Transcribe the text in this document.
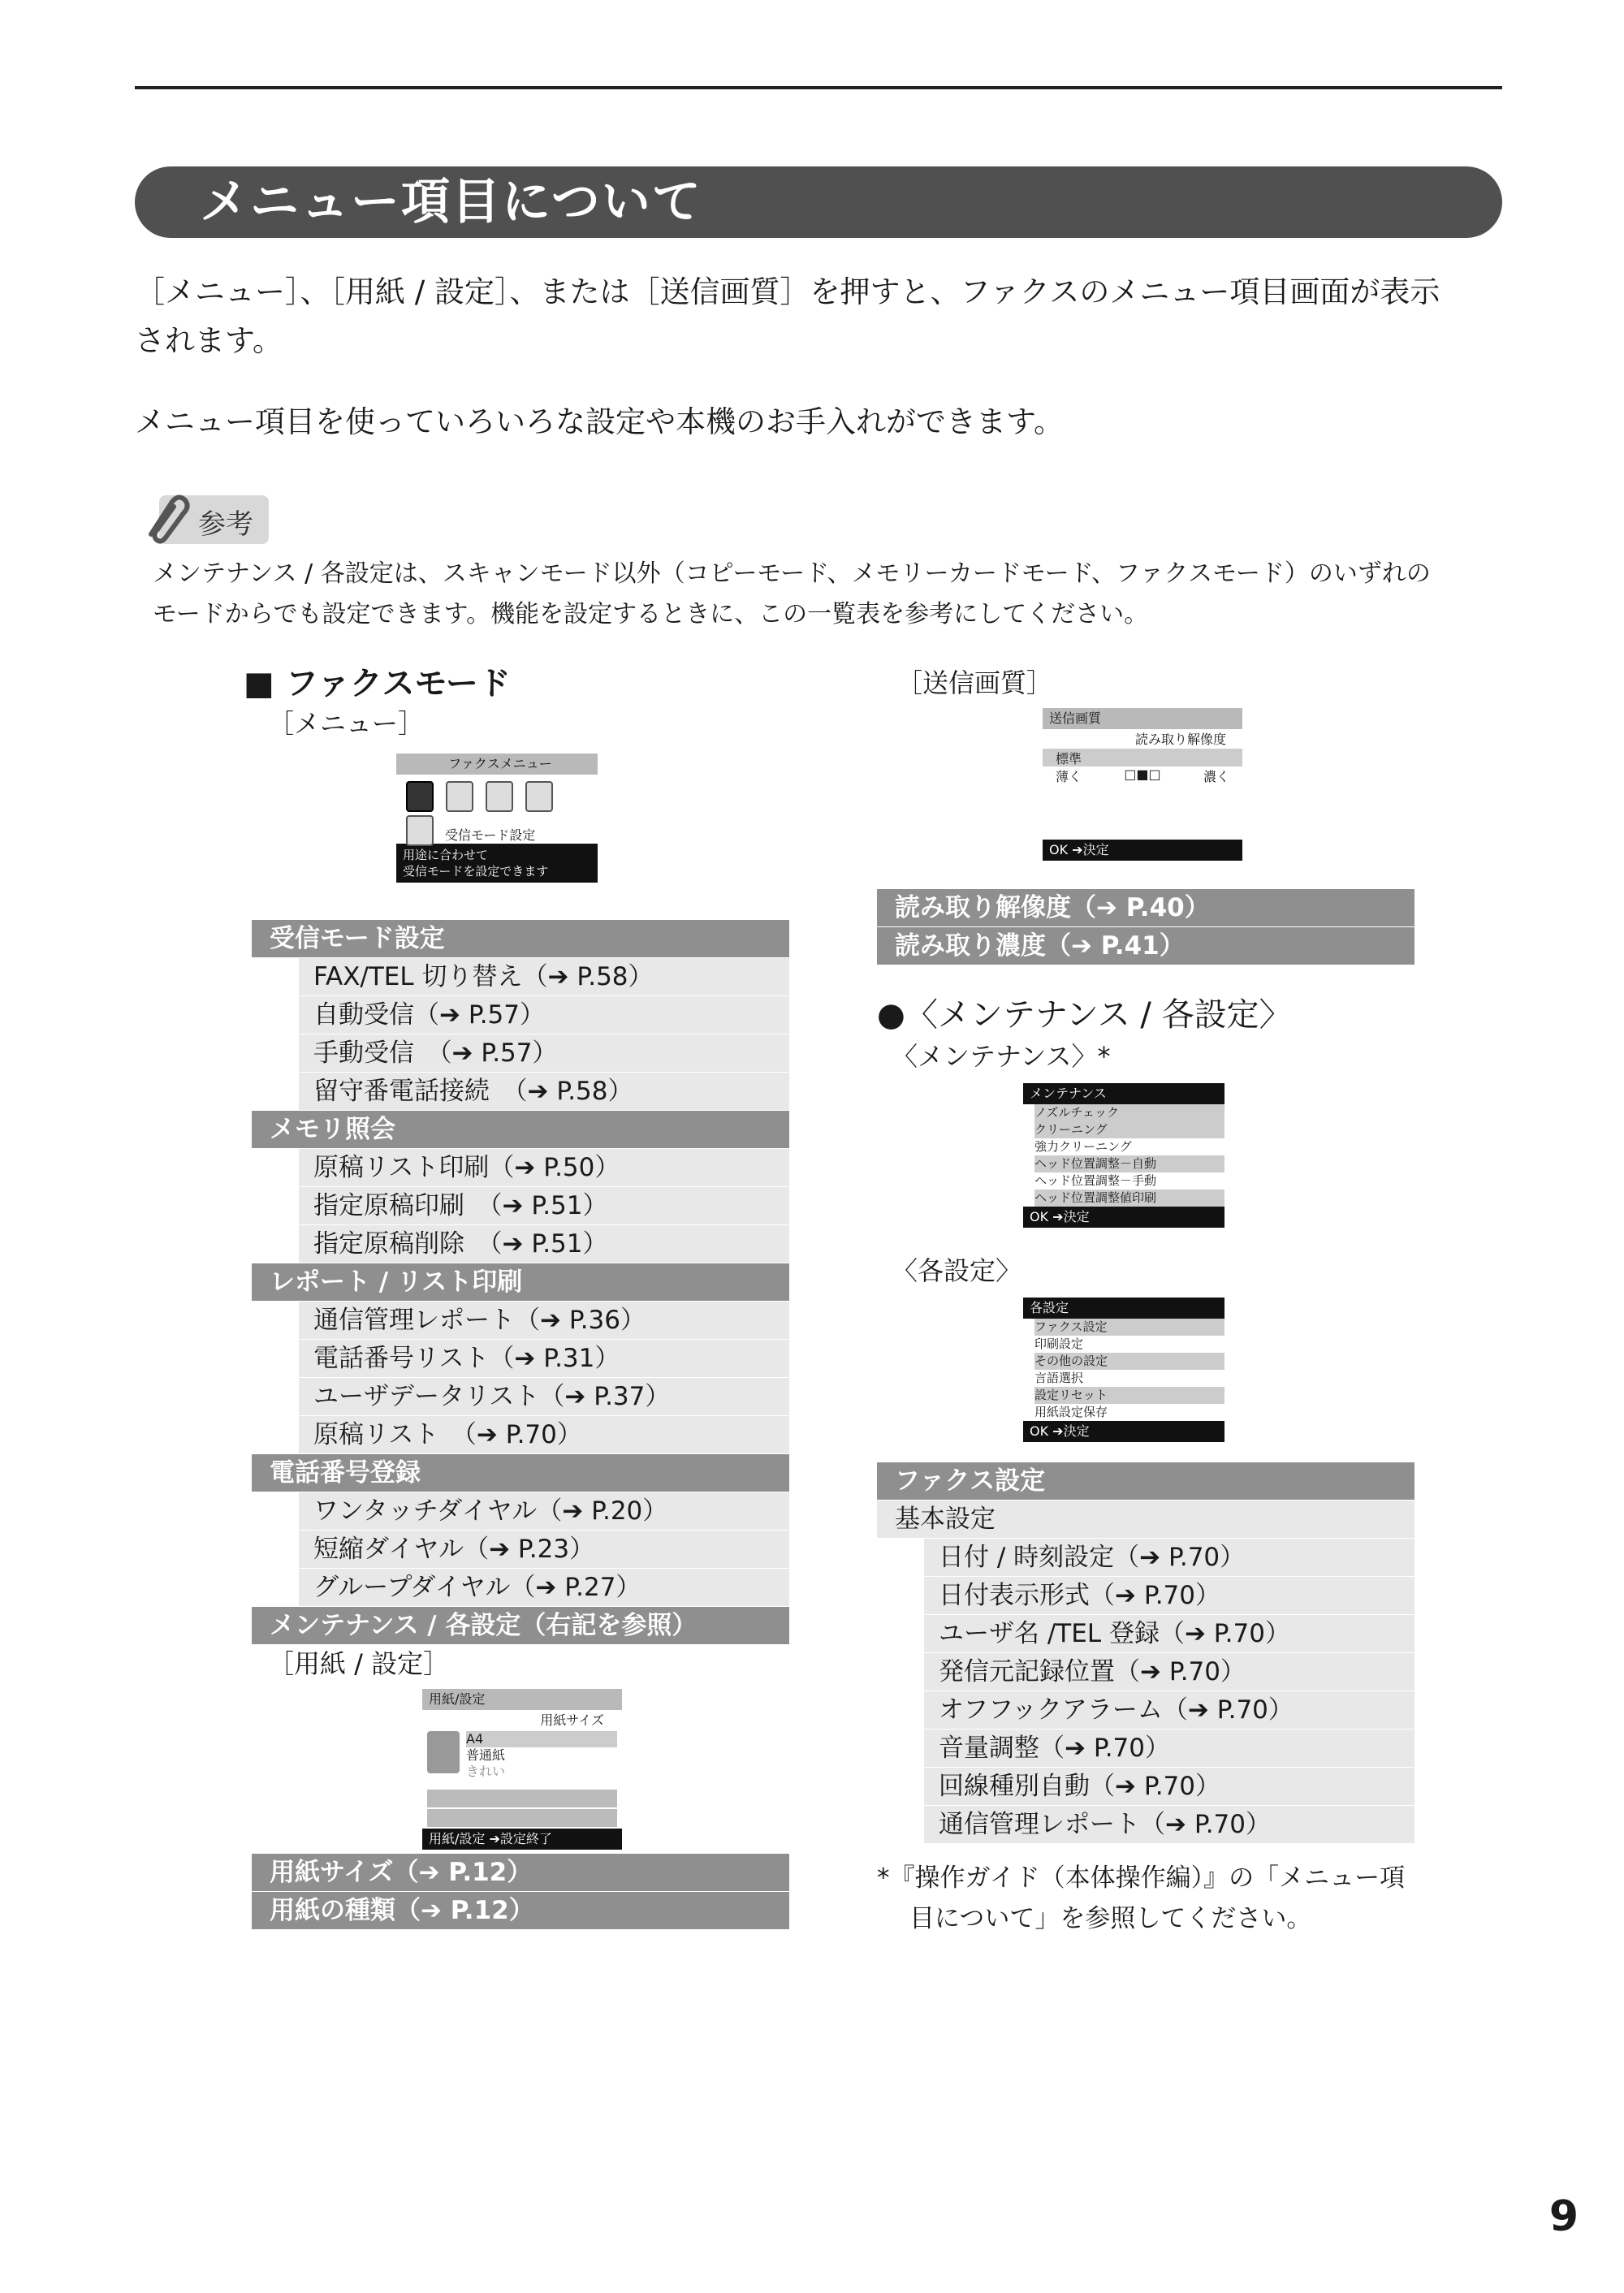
メニュー項目について
［メニュー］、［用紙 / 設定］、または［送信画質］を押すと、ファクスのメニュー項目画面が表示
されます。
メニュー項目を使っていろいろな設定や本機のお手入れができます。
参考
メンテナンス / 各設定は、スキャンモード以外（コピーモード、メモリーカードモード、ファクスモード）のいずれの
モードからでも設定できます。機能を設定するときに、この一覧表を参考にしてください。
■ ファクスモード
［メニュー］
ファクスメニュー

受信モード設定
用途に合わせて
受信モードを設定できます
受信モード設定
FAX/TEL 切り替え（➔ P.58）
自動受信（➔ P.57）
手動受信　（➔ P.57）
留守番電話接続　（➔ P.58）
メモリ照会
原稿リスト印刷（➔ P.50）
指定原稿印刷　（➔ P.51）
指定原稿削除　（➔ P.51）
レポート / リスト印刷
通信管理レポート（➔ P.36）
電話番号リスト（➔ P.31）
ユーザデータリスト（➔ P.37）
原稿リスト　（➔ P.70）
電話番号登録
ワンタッチダイヤル（➔ P.20）
短縮ダイヤル（➔ P.23）
グループダイヤル（➔ P.27）
メンテナンス / 各設定（右記を参照）
［用紙 / 設定］
用紙/設定
用紙サイズ
A4
普通紙
きれい
用紙/設定 ➔設定終了
用紙サイズ（➔ P.12）
用紙の種類（➔ P.12）
［送信画質］
送信画質
読み取り解像度
標準
薄く	□■□	濃く
OK ➔決定
読み取り解像度（➔ P.40）
読み取り濃度（➔ P.41）
●〈メンテナンス / 各設定〉
〈メンテナンス〉*
メンテナンス
ノズルチェック
クリーニング
強力クリーニング
ヘッド位置調整－自動
ヘッド位置調整－手動
ヘッド位置調整値印刷
OK ➔決定
〈各設定〉
各設定
ファクス設定
印刷設定
その他の設定
言語選択
設定リセット
用紙設定保存
OK ➔決定
ファクス設定
基本設定
日付 / 時刻設定（➔ P.70）
日付表示形式（➔ P.70）
ユーザ名 /TEL 登録（➔ P.70）
発信元記録位置（➔ P.70）
オフフックアラーム（➔ P.70）
音量調整（➔ P.70）
回線種別自動（➔ P.70）
通信管理レポート（➔ P.70）
*『操作ガイド（本体操作編）』の「メニュー項
目について」を参照してください。
9
